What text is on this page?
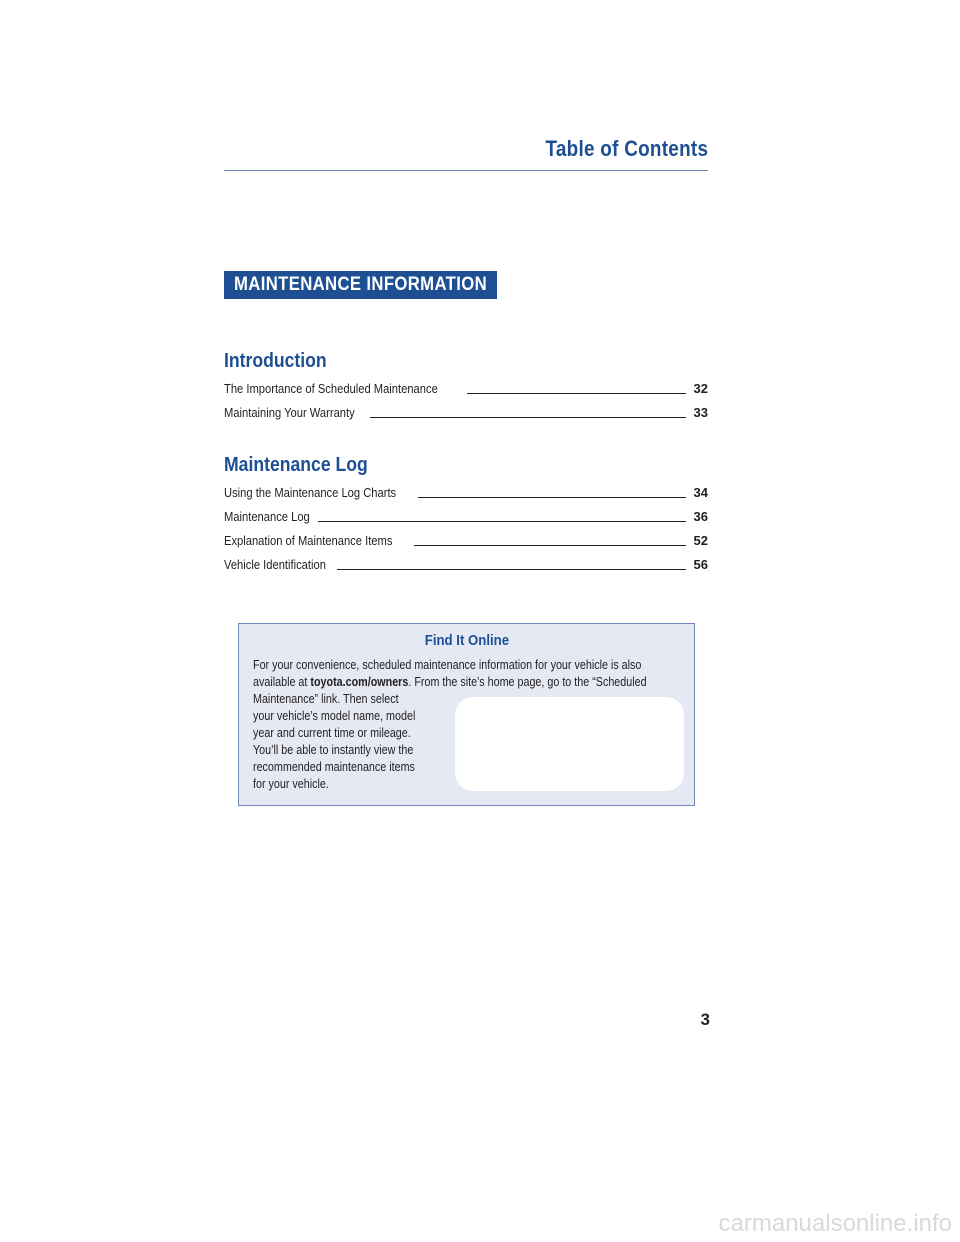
Table of Contents
MAINTENANCE INFORMATION
Introduction
The Importance of Scheduled Maintenance	32
Maintaining Your Warranty	33
Maintenance Log
Using the Maintenance Log Charts	34
Maintenance Log	36
Explanation of Maintenance Items	52
Vehicle Identification	56
Find It Online
For your convenience, scheduled maintenance information for your vehicle is also
available at toyota.com/owners. From the site’s home page, go to the “Scheduled
Maintenance” link. Then select
your vehicle’s model name, model
year and current time or mileage.
You’ll be able to instantly view the
recommended maintenance items
for your vehicle.
3
carmanualsonline.info
